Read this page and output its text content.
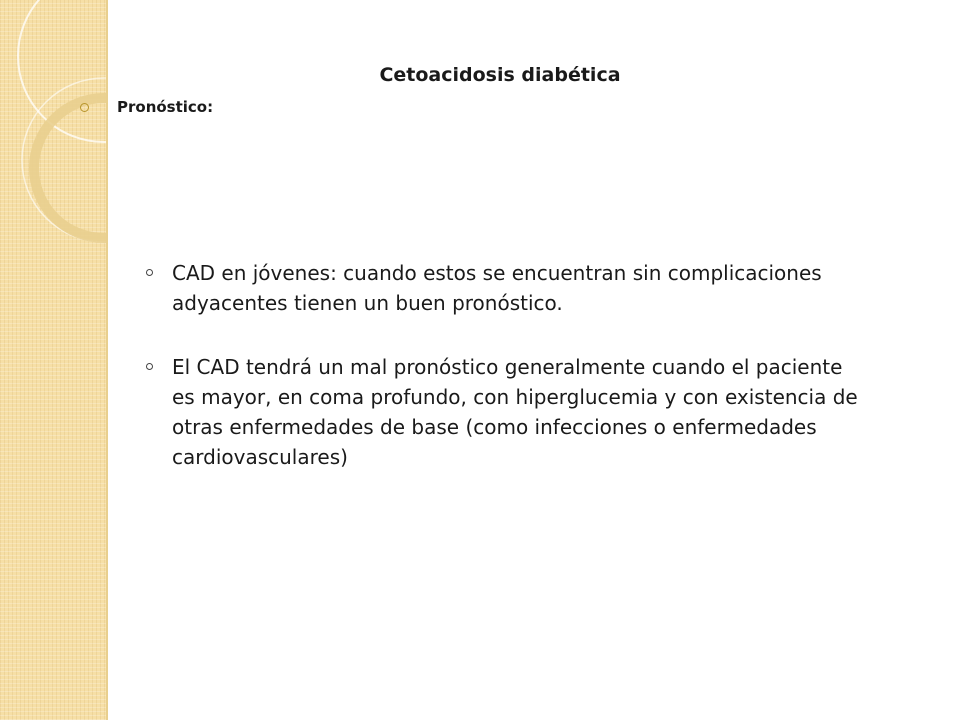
Cetoacidosis diabética
Pronóstico:
CAD en jóvenes: cuando estos se encuentran sin complicaciones adyacentes tienen un buen pronóstico.
El CAD tendrá un mal pronóstico generalmente cuando el paciente es mayor, en coma profundo, con hiperglucemia y con existencia de otras enfermedades de base (como infecciones o enfermedades cardiovasculares)
